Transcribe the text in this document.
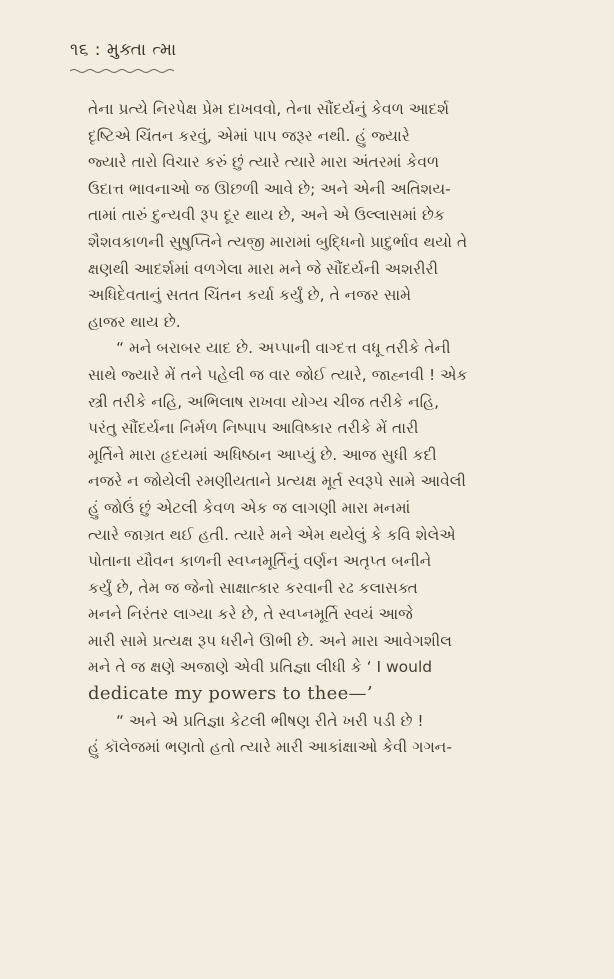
૧૬ : મુક્તા ત્મા
તેના પ્રત્યે નિરપેક્ષ પ્રેમ દાખવવો, તેના સૌંદર્યનું કેવળ આદર્શ
દૃષ્ટિએ ચિંતન કરવું, એમાં પાપ જરૂર નથી. હું જ્યારે
જ્યારે તારો વિચાર કરું છું ત્યારે ત્યારે મારા અંતરમાં કેવળ
ઉદાત્ત ભાવનાઓ જ ઊછળી આવે છે; અને એની અતિશય-
તામાં તારું દુન્યવી રૂપ દૂર થાય છે, અને એ ઉલ્લાસમાં છેક
શૈશવકાળની સુષુપ્તિને ત્યજી મારામાં બુદ્ધિનો પ્રાદુર્ભાવ થયો તે
ક્ષણથી આદર્શમાં વળગેલા મારા મને જે સૌંદર્યની અશરીરી
અધિદેવતાનું સતત ચિંતન કર્યા કર્યું છે, તે નજર સામે
હાજર થાય છે.
“ મને બરાબર યાદ છે. અપ્પાની વાગ્દત્ત વધૂ તરીકે તેની
સાથે જ્યારે મેં તને પહેલી જ વાર જોઈ ત્યારે, જાહ્નવી ! એક
સ્ત્રી તરીકે નહિ, અભિલાષ રાખવા યોગ્ય ચીજ તરીકે નહિ,
પરંતુ સૌંદર્યના નિર્મળ નિષ્પાપ આવિષ્કાર તરીકે મેં તારી
મૂર્તિને મારા હૃદયમાં અધિષ્ઠાન આપ્યું છે. આજ સુધી કદી
નજરે ન જોયેલી રમણીયતાને પ્રત્યક્ષ મૂર્ત સ્વરૂપે સામે આવેલી
હું જોઉં છું એટલી કેવળ એક જ લાગણી મારા મનમાં
ત્યારે જાગ્રત થઈ હતી. ત્યારે મને એમ થયેલું કે કવિ શેલેએ
પોતાના યૌવન કાળની સ્વપ્નમૂર્તિનું વર્ણન અતૃપ્ત બનીને
કર્યું છે, તેમ જ જેનો સાક્ષાત્કાર કરવાની રઢ કલાસક્ત
મનને નિરંતર લાગ્યા કરે છે, તે સ્વપ્નમૂર્તિ સ્વયં આજે
મારી સામે પ્રત્યક્ષ રૂપ ધરીને ઊભી છે. અને મારા આવેગશીલ
મને તે જ ક્ષણે અજાણે એવી પ્રતિજ્ઞા લીધી કે ‘ I would
dedicate my powers to thee—’
“ અને એ પ્રતિજ્ઞા કેટલી ભીષણ રીતે ખરી પડી છે !
હું કૉલેજમાં ભણતો હતો ત્યારે મારી આકાંક્ષાઓ કેવી ગગન-
